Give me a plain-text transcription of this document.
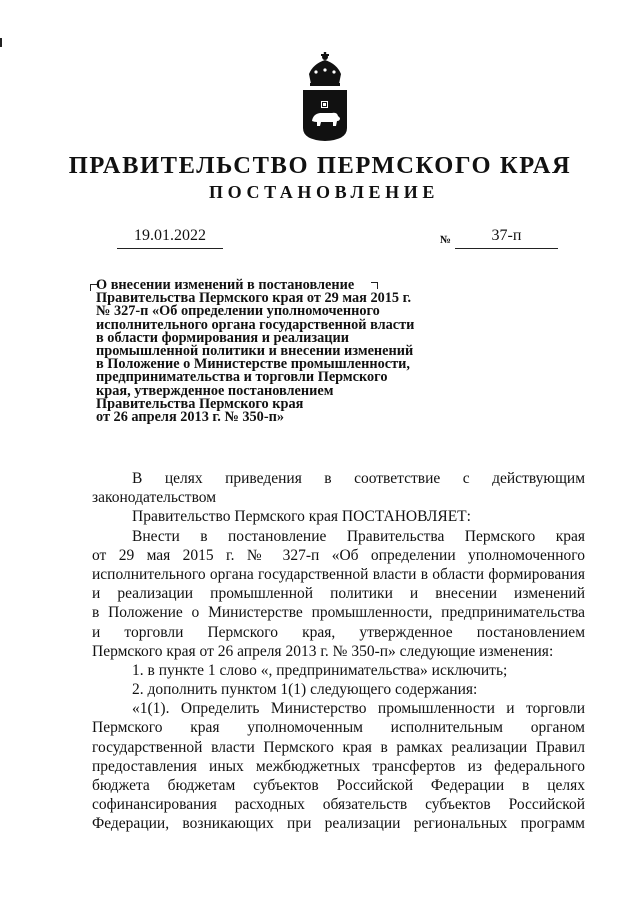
ПРАВИТЕЛЬСТВО ПЕРМСКОГО КРАЯ
ПОСТАНОВЛЕНИЕ
19.01.2022	№	37-п
О внесении изменений в постановление
Правительства Пермского края от 29 мая 2015 г.
№ 327-п «Об определении уполномоченного
исполнительного органа государственной власти
в области формирования и реализации
промышленной политики и внесении изменений
в Положение о Министерстве промышленности,
предпринимательства и торговли Пермского
края, утвержденное постановлением
Правительства Пермского края
от 26 апреля 2013 г. № 350-п»
В целях приведения в соответствие с действующим
законодательством
Правительство Пермского края ПОСТАНОВЛЯЕТ:
Внести в постановление Правительства Пермского края
от 29 мая 2015 г. № 327-п «Об определении уполномоченного
исполнительного органа государственной власти в области формирования
и реализации промышленной политики и внесении изменений
в Положение о Министерстве промышленности, предпринимательства
и торговли Пермского края, утвержденное постановлением
Пермского края от 26 апреля 2013 г. № 350-п» следующие изменения:
1. в пункте 1 слово «, предпринимательства» исключить;
2. дополнить пунктом 1(1) следующего содержания:
«1(1). Определить Министерство промышленности и торговли
Пермского края уполномоченным исполнительным органом
государственной власти Пермского края в рамках реализации Правил
предоставления иных межбюджетных трансфертов из федерального
бюджета бюджетам субъектов Российской Федерации в целях
софинансирования расходных обязательств субъектов Российской
Федерации, возникающих при реализации региональных программ
